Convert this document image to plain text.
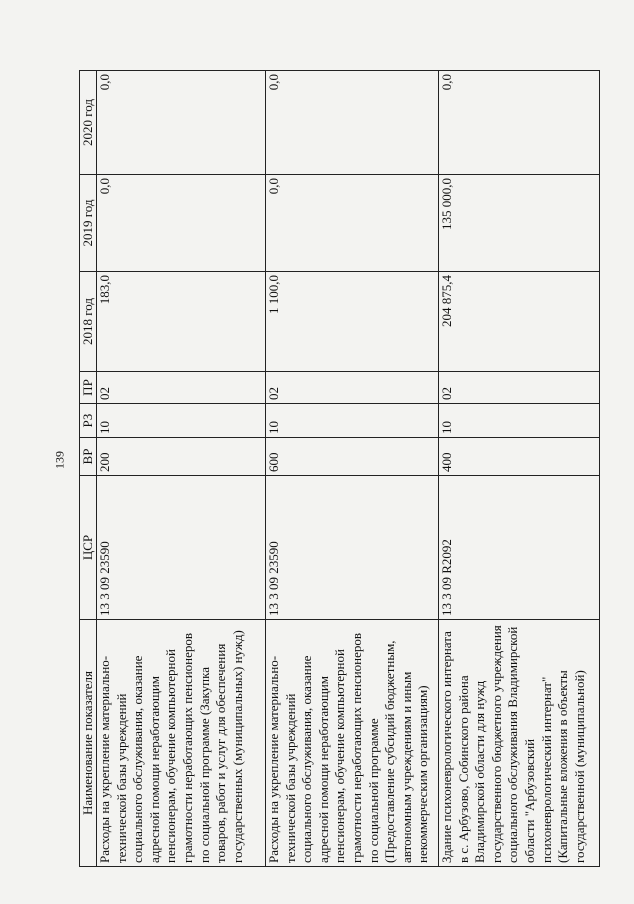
139
Наименование показателя	ЦСР	ВР	РЗ	ПР	2018 год	2019 год	2020 год
Расходы на укрепление материально-технической базы учреждений социального обслуживания, оказание адресной помощи неработающим пенсионерам, обучение компьютерной грамотности неработающих пенсионеров по социальной программе (Закупка товаров, работ и услуг для обеспечения государственных (муниципальных) нужд)	13 3 09 23590	200	10	02	183,0	0,0	0,0
Расходы на укрепление материально-технической базы учреждений социального обслуживания, оказание адресной помощи неработающим пенсионерам, обучение компьютерной грамотности неработающих пенсионеров по социальной программе (Предоставление субсидий бюджетным, автономным учреждениям и иным некоммерческим организациям)	13 3 09 23590	600	10	02	1 100,0	0,0	0,0
Здание психоневрологического интерната в с. Арбузово, Собинского района Владимирской области для нужд государственного бюджетного учреждения социального обслуживания Владимирской области "Арбузовский психоневрологический интернат" (Капитальные вложения в объекты государственной (муниципальной)	13 3 09 R2092	400	10	02	204 875,4	135 000,0	0,0
